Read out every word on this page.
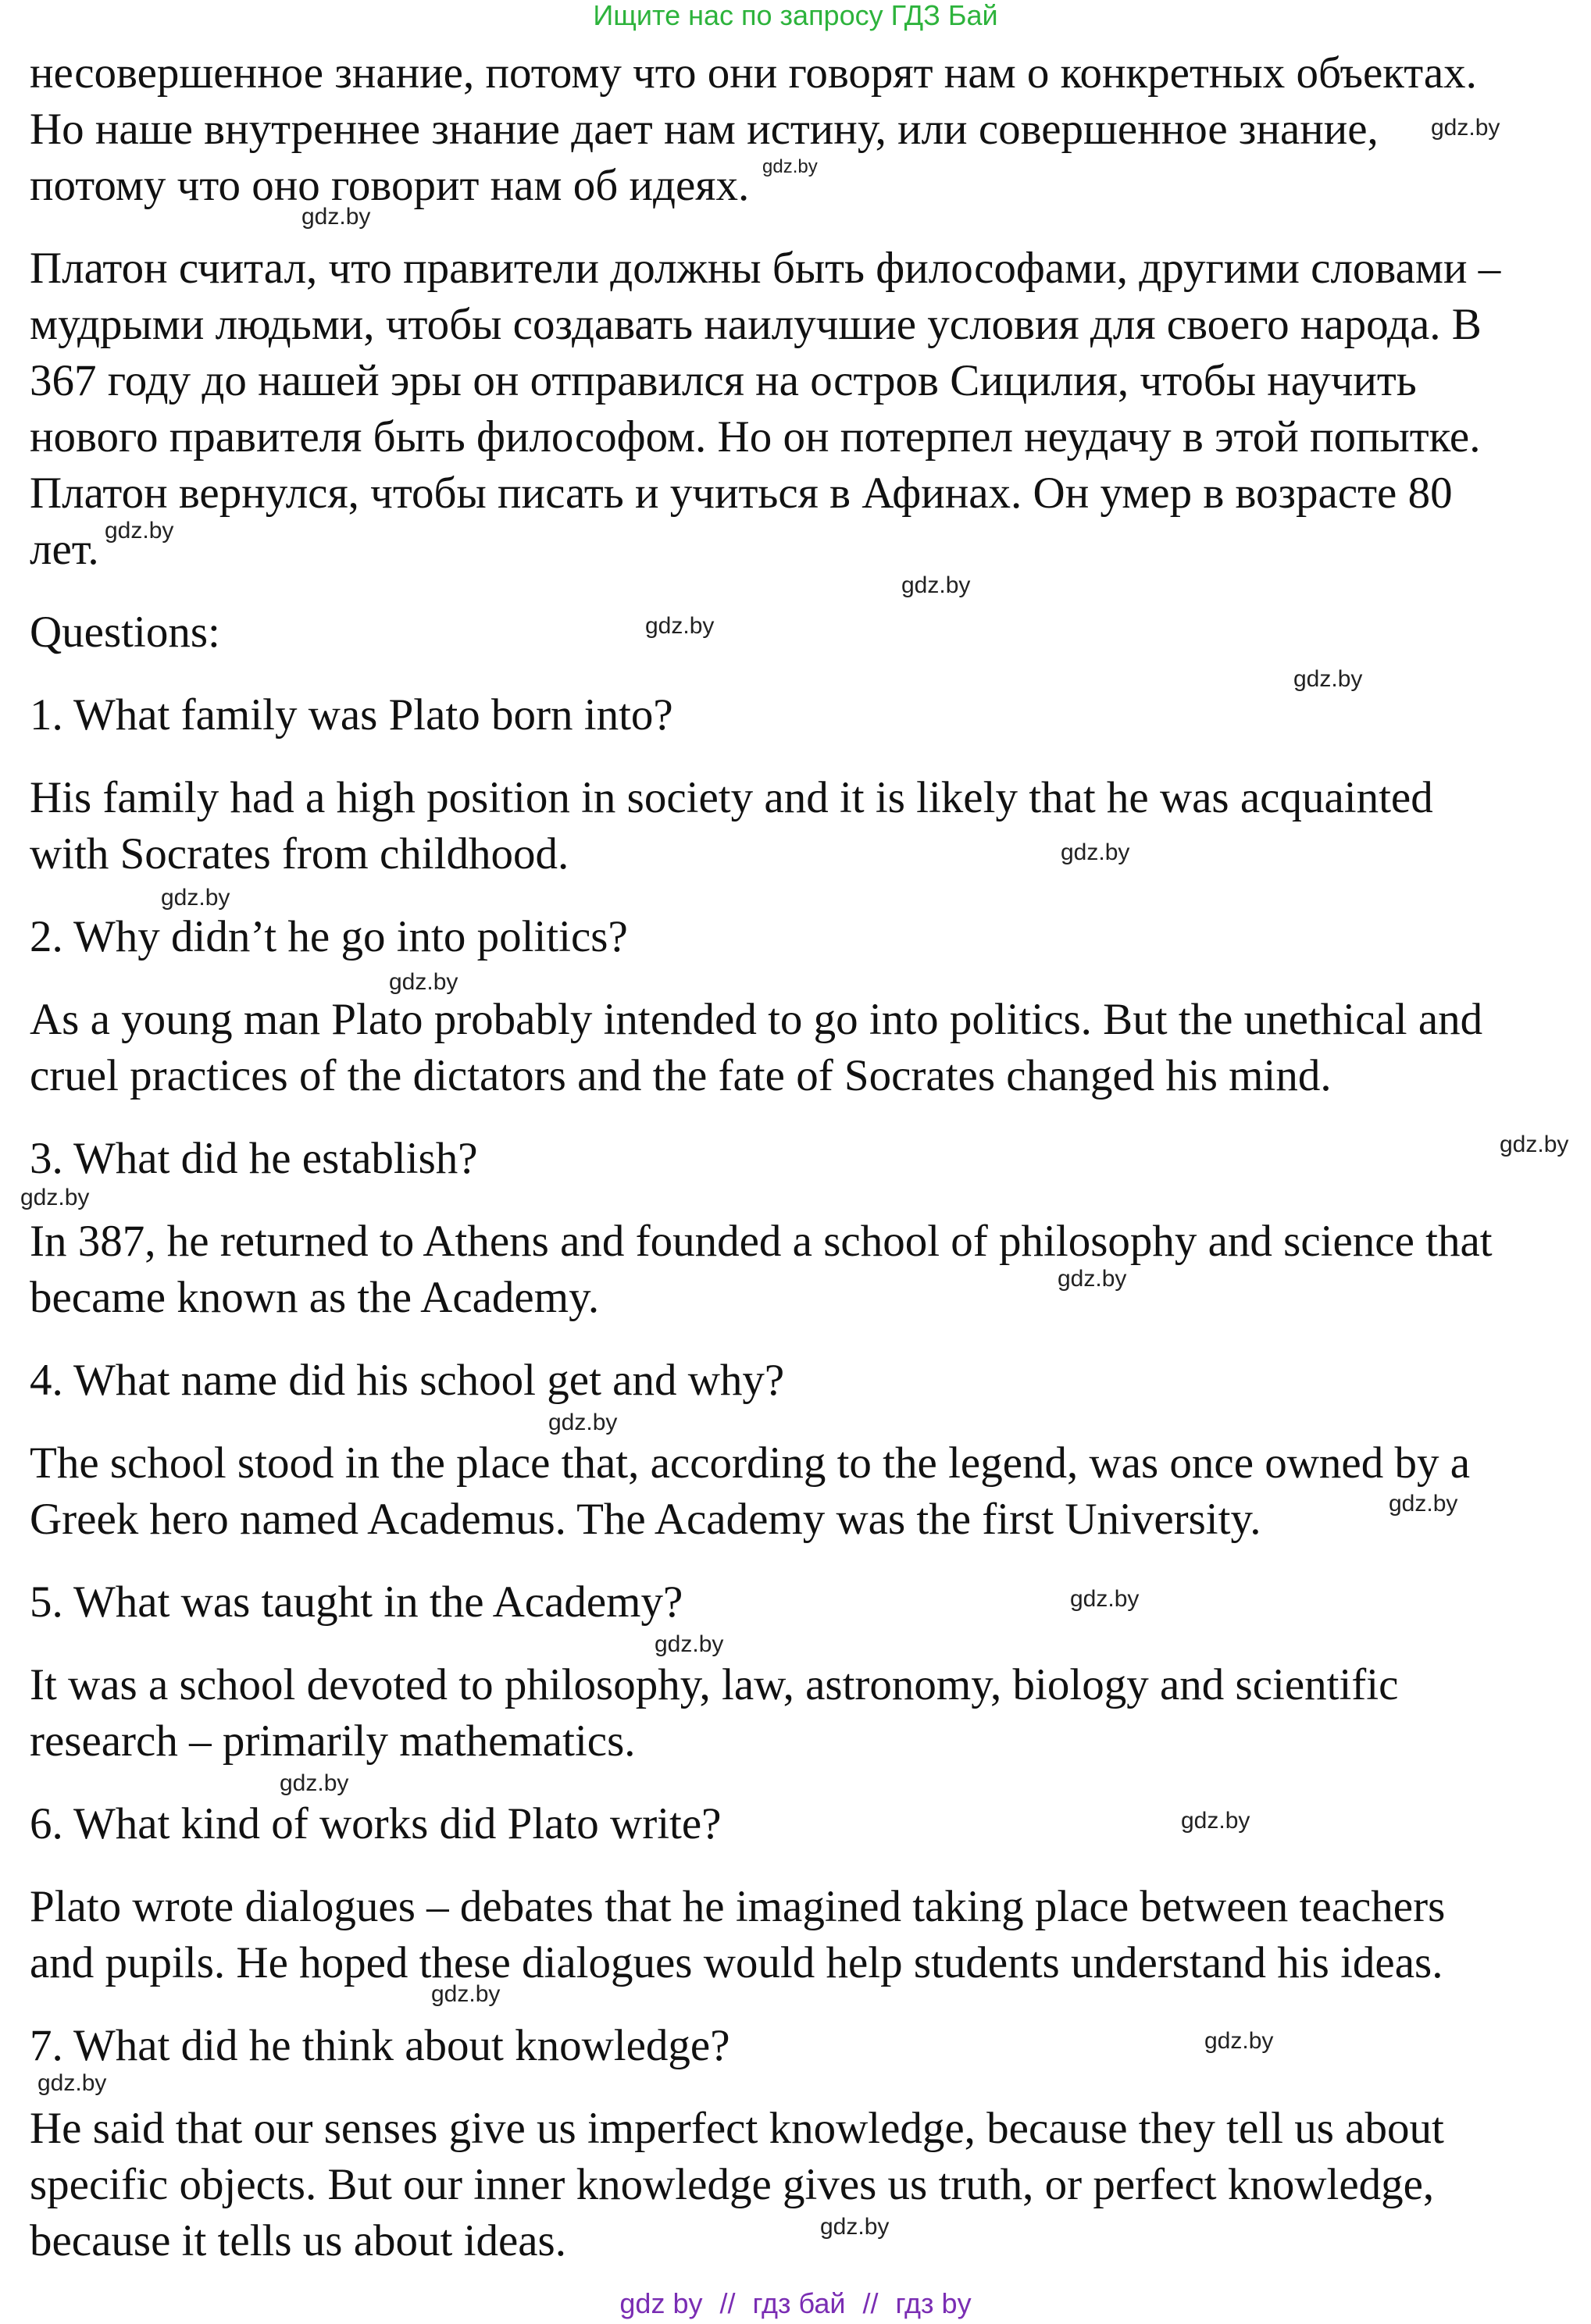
Ищите нас по запросу ГДЗ Бай
несовершенное знание, потому что они говорят нам о конкретных объектах.
Но наше внутреннее знание дает нам истину, или совершенное знание,
потому что оно говорит нам об идеях.
Платон считал, что правители должны быть философами, другими словами –
мудрыми людьми, чтобы создавать наилучшие условия для своего народа. В
367 году до нашей эры он отправился на остров Сицилия, чтобы научить
нового правителя быть философом. Но он потерпел неудачу в этой попытке.
Платон вернулся, чтобы писать и учиться в Афинах. Он умер в возрасте 80
лет.
Questions:
1. What family was Plato born into?
His family had a high position in society and it is likely that he was acquainted
with Socrates from childhood.
2. Why didn’t he go into politics?
As a young man Plato probably intended to go into politics. But the unethical and
cruel practices of the dictators and the fate of Socrates changed his mind.
3. What did he establish?
In 387, he returned to Athens and founded a school of philosophy and science that
became known as the Academy.
4. What name did his school get and why?
The school stood in the place that, according to the legend, was once owned by a
Greek hero named Academus. The Academy was the first University.
5. What was taught in the Academy?
It was a school devoted to philosophy, law, astronomy, biology and scientific
research – primarily mathematics.
6. What kind of works did Plato write?
Plato wrote dialogues – debates that he imagined taking place between teachers
and pupils. He hoped these dialogues would help students understand his ideas.
7. What did he think about knowledge?
He said that our senses give us imperfect knowledge, because they tell us about
specific objects. But our inner knowledge gives us truth, or perfect knowledge,
because it tells us about ideas.
gdz.by
gdz.by
gdz.by
gdz.by
gdz.by
gdz.by
gdz.by
gdz.by
gdz.by
gdz.by
gdz.by
gdz.by
gdz.by
gdz.by
gdz.by
gdz.by
gdz.by
gdz.by
gdz.by
gdz.by
gdz.by
gdz.by
gdz.by
gdz by // гдз бай // гдз by
